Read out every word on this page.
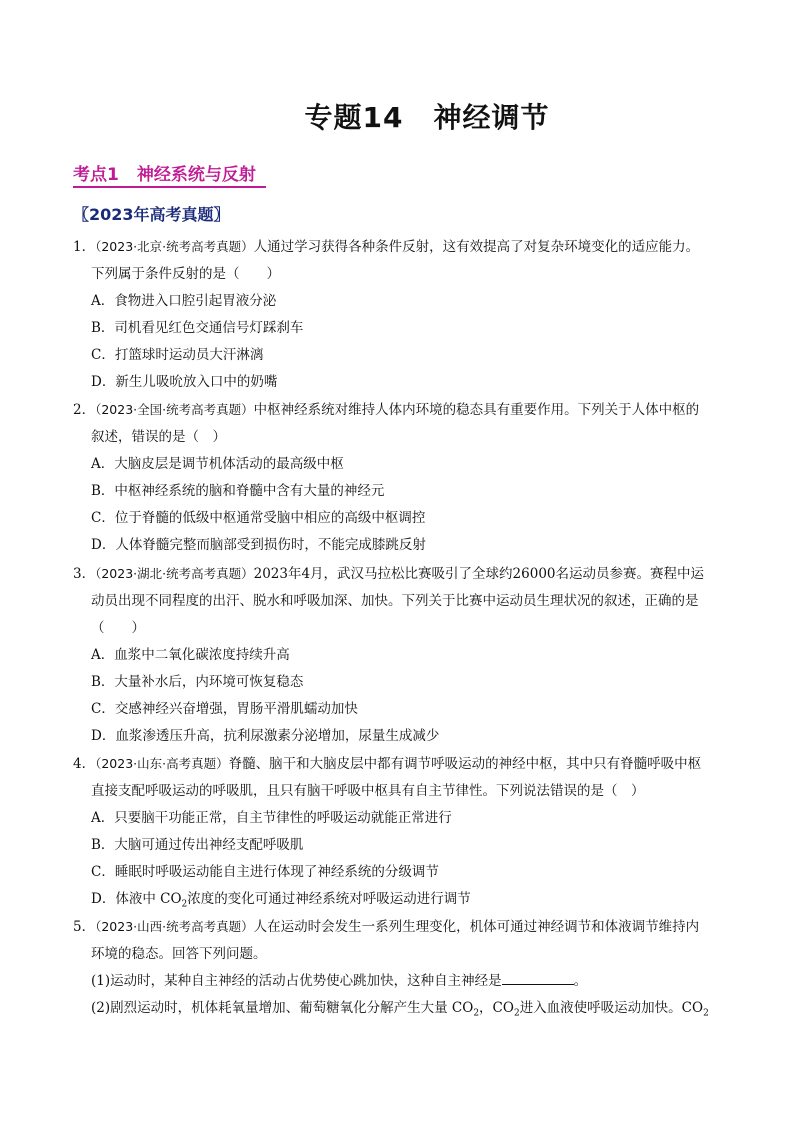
专题14 神经调节
考点1 神经系统与反射
〖2023年高考真题〗
1．（2023·北京·统考高考真题）人通过学习获得各种条件反射，这有效提高了对复杂环境变化的适应能力。
下列属于条件反射的是（　　）
A．食物进入口腔引起胃液分泌
B．司机看见红色交通信号灯踩刹车
C．打篮球时运动员大汗淋漓
D．新生儿吸吮放入口中的奶嘴
2．（2023·全国·统考高考真题）中枢神经系统对维持人体内环境的稳态具有重要作用。下列关于人体中枢的
叙述，错误的是（　）
A．大脑皮层是调节机体活动的最高级中枢
B．中枢神经系统的脑和脊髓中含有大量的神经元
C．位于脊髓的低级中枢通常受脑中相应的高级中枢调控
D．人体脊髓完整而脑部受到损伤时，不能完成膝跳反射
3．（2023·湖北·统考高考真题）2023年4月，武汉马拉松比赛吸引了全球约26000名运动员参赛。赛程中运
动员出现不同程度的出汗、脱水和呼吸加深、加快。下列关于比赛中运动员生理状况的叙述，正确的是
（　　）
A．血浆中二氧化碳浓度持续升高
B．大量补水后，内环境可恢复稳态
C．交感神经兴奋增强，胃肠平滑肌蠕动加快
D．血浆渗透压升高，抗利尿激素分泌增加，尿量生成减少
4．（2023·山东·高考真题）脊髓、脑干和大脑皮层中都有调节呼吸运动的神经中枢，其中只有脊髓呼吸中枢
直接支配呼吸运动的呼吸肌，且只有脑干呼吸中枢具有自主节律性。下列说法错误的是（　）
A．只要脑干功能正常，自主节律性的呼吸运动就能正常进行
B．大脑可通过传出神经支配呼吸肌
C．睡眠时呼吸运动能自主进行体现了神经系统的分级调节
D．体液中 $CO_2$浓度的变化可通过神经系统对呼吸运动进行调节
5．（2023·山西·统考高考真题）人在运动时会发生一系列生理变化，机体可通过神经调节和体液调节维持内
环境的稳态。回答下列问题。
(1)运动时，某种自主神经的活动占优势使心跳加快，这种自主神经是	。
(2)剧烈运动时，机体耗氧量增加、葡萄糖氧化分解产生大量 $CO_2$，$CO_2$进入血液使呼吸运动加快。$CO_2$
